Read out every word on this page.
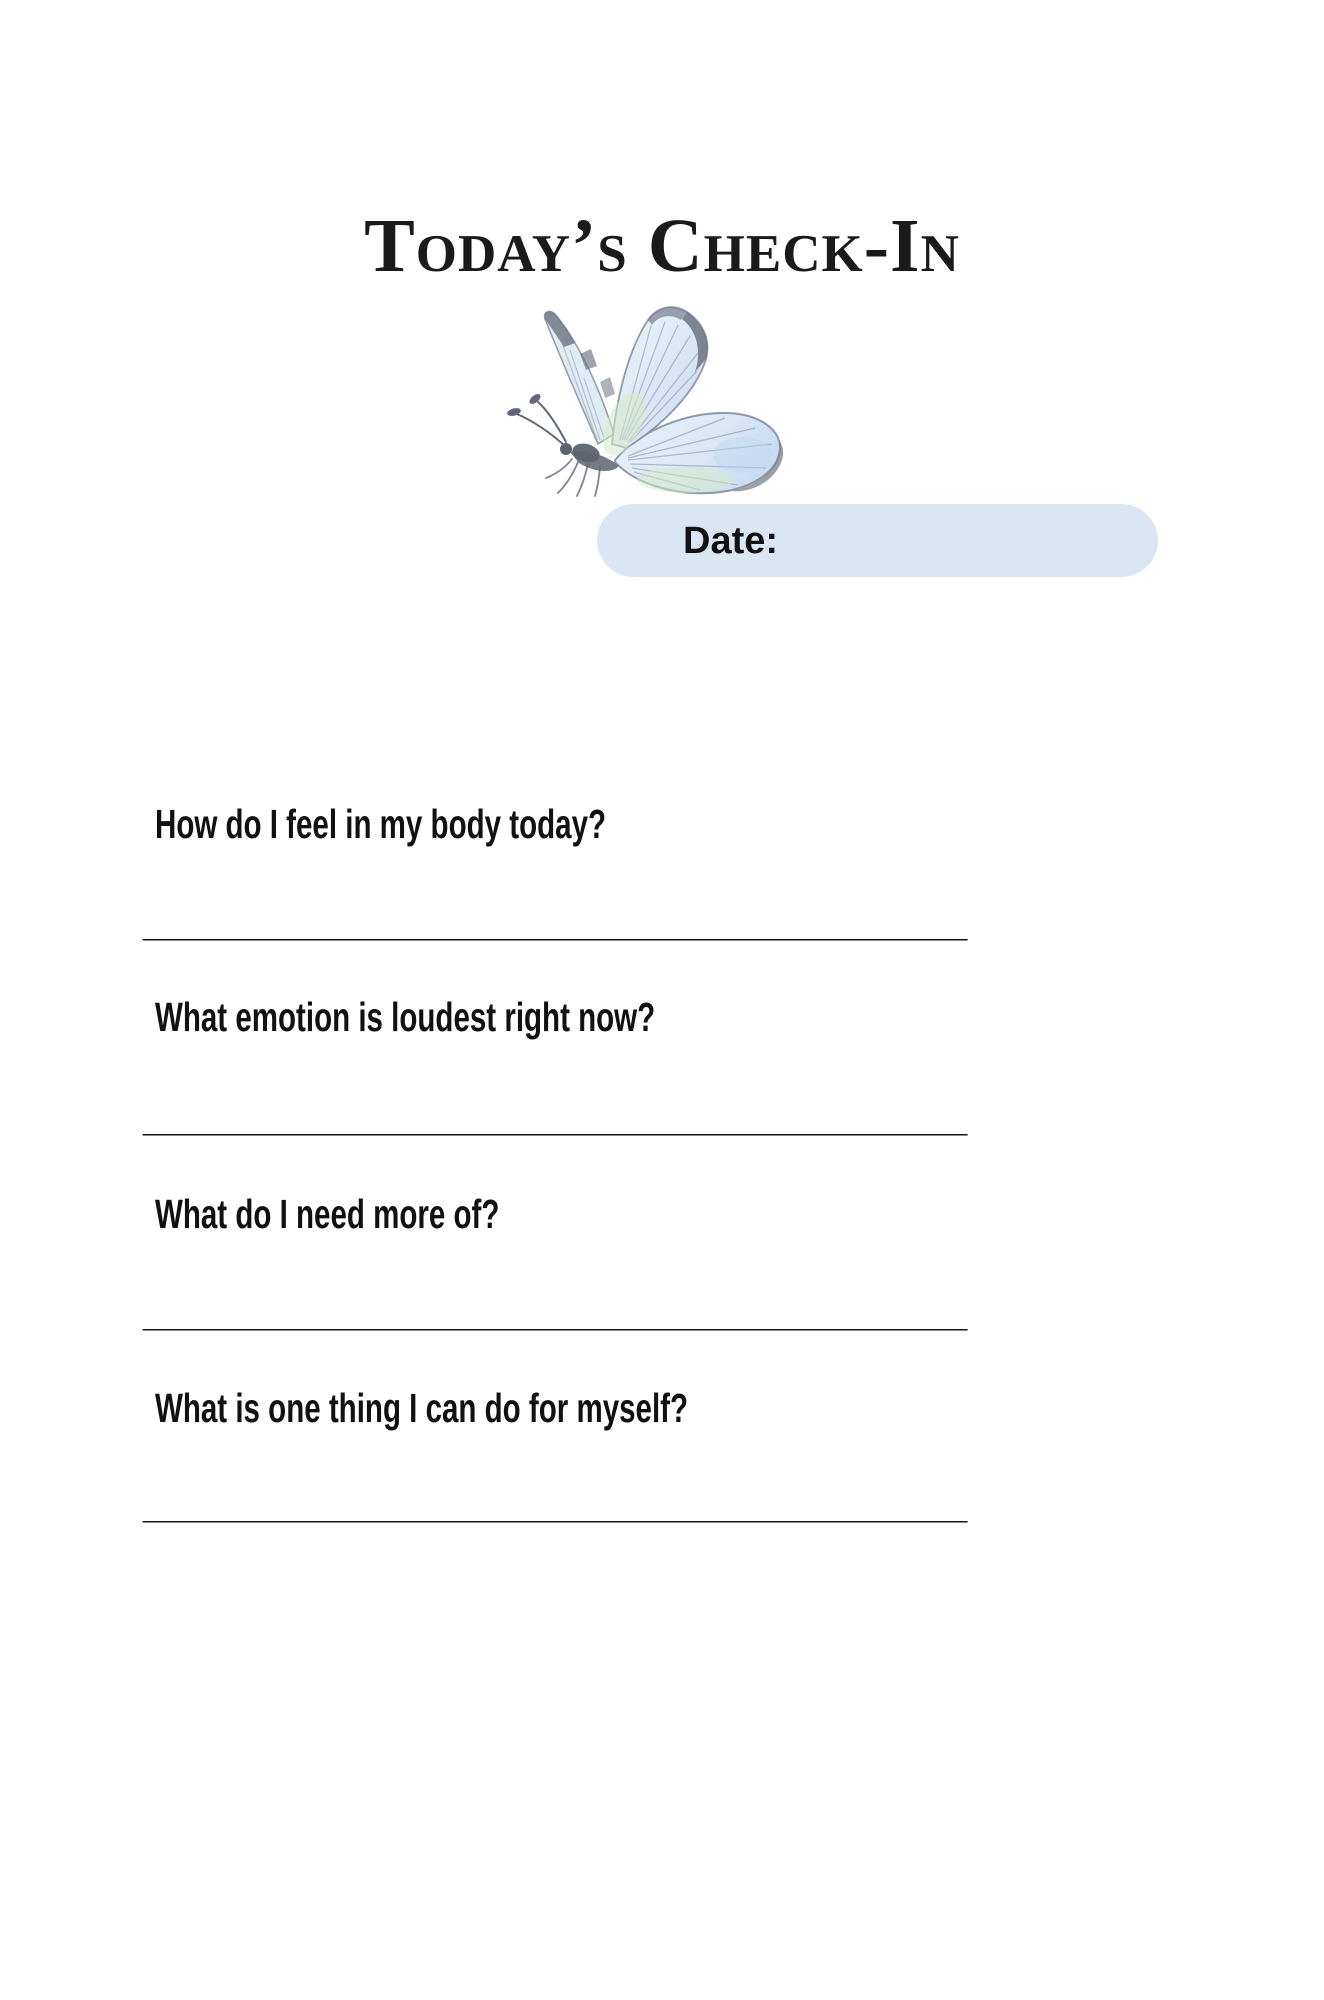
Today’s Check-In
Date:

How do I feel in my body today?

_______________________________________

What emotion is loudest right now?

_______________________________________

What do I need more of?

_______________________________________

What is one thing I can do for myself?

_______________________________________
